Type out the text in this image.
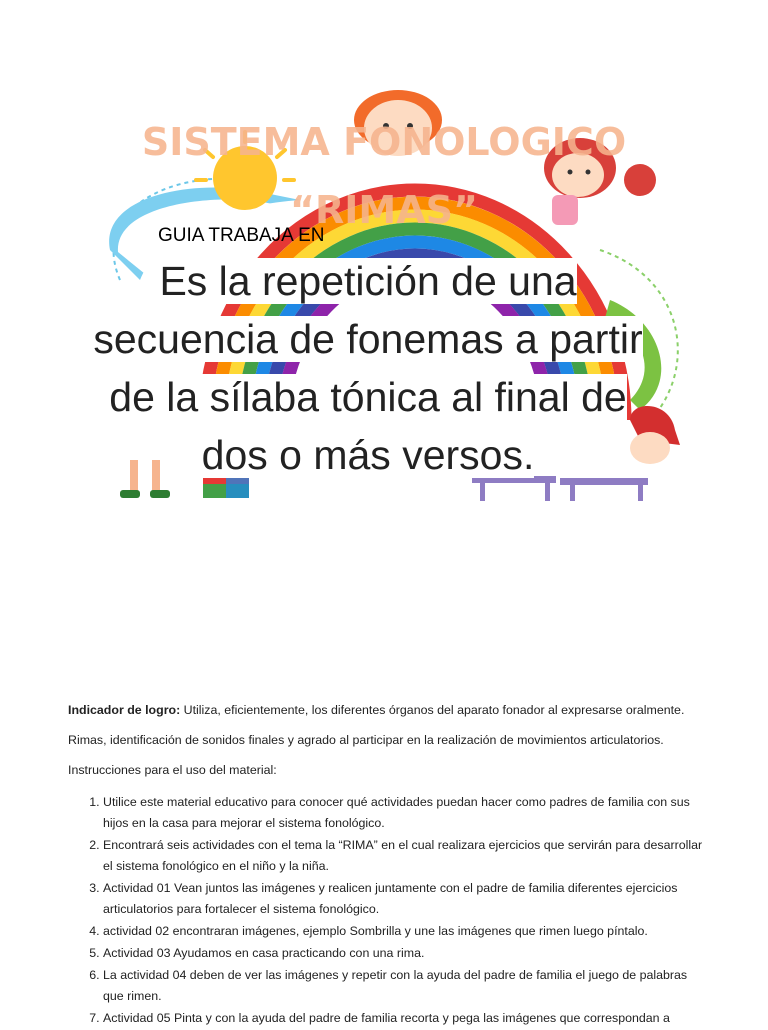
SISTEMA FONOLOGICO
“RIMAS”
GUIA TRABAJA EN
Es la repetición de una secuencia de fonemas a partir de la sílaba tónica al final de dos o más versos.

Indicador de logro: Utiliza, eficientemente, los diferentes órganos del aparato fonador al expresarse oralmente.

Rimas, identificación de sonidos finales y agrado al participar en la realización de movimientos articulatorios.

Instrucciones para el uso del material:

1. Utilice este material educativo para conocer qué actividades puedan hacer como padres de familia con sus hijos en la casa para mejorar el sistema fonológico.
2. Encontrará seis actividades con el tema la “RIMA” en el cual realizara ejercicios que servirán para desarrollar el sistema fonológico en el niño y la niña.
3. Actividad 01 Vean juntos las imágenes y realicen juntamente con el padre de familia diferentes ejercicios articulatorios para fortalecer el sistema fonológico.
4. actividad 02 encontraran imágenes, ejemplo Sombrilla y une las imágenes que rimen luego píntalo.
5. Actividad 03 Ayudamos en casa practicando con una rima.
6. La actividad 04 deben de ver las imágenes y repetir con la ayuda del padre de familia el juego de palabras que rimen.
7. Actividad 05 Pinta y con la ayuda del padre de familia recorta y pega las imágenes que correspondan a
